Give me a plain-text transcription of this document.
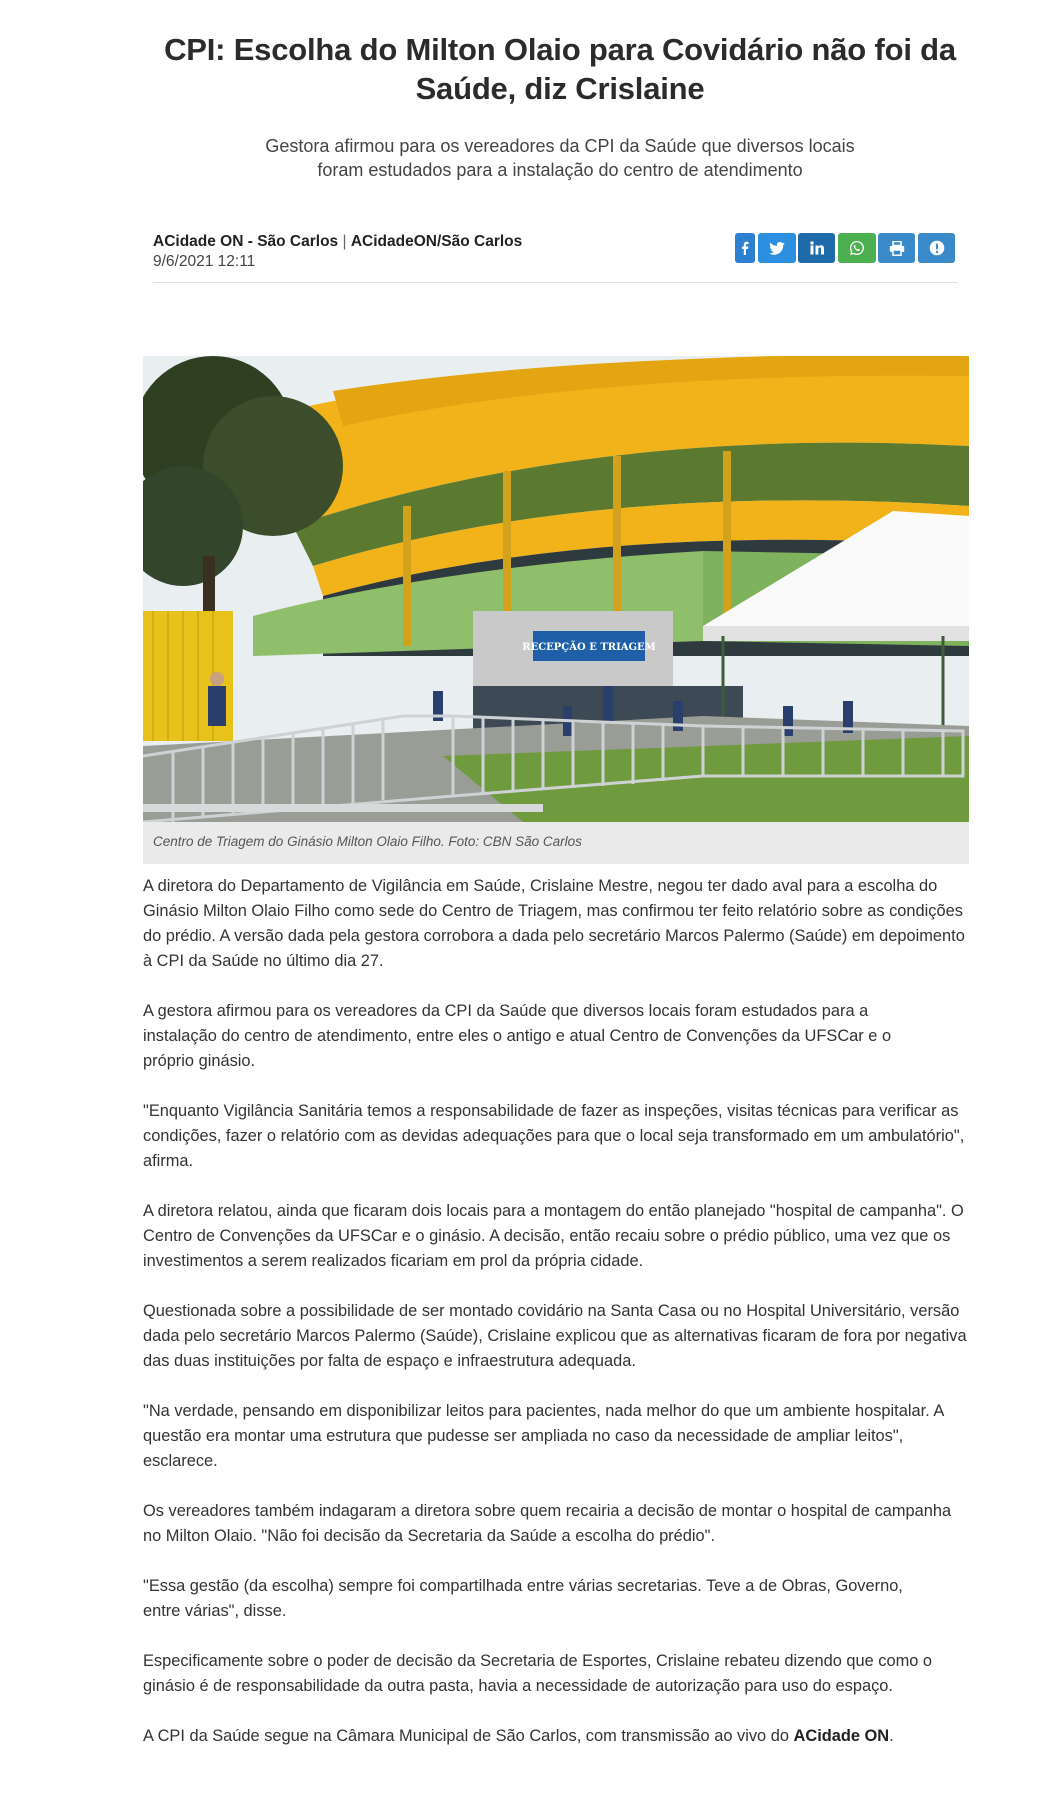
CPI: Escolha do Milton Olaio para Covidário não foi da Saúde, diz Crislaine
Gestora afirmou para os vereadores da CPI da Saúde que diversos locais foram estudados para a instalação do centro de atendimento
ACidade ON - São Carlos | ACidadeON/São Carlos
9/6/2021 12:11
RECEPÇÃO E TRIAGEM
Centro de Triagem do Ginásio Milton Olaio Filho. Foto: CBN São Carlos

A diretora do Departamento de Vigilância em Saúde, Crislaine Mestre, negou ter dado aval para a escolha do Ginásio Milton Olaio Filho como sede do Centro de Triagem, mas confirmou ter feito relatório sobre as condições do prédio. A versão dada pela gestora corrobora a dada pelo secretário Marcos Palermo (Saúde) em depoimento à CPI da Saúde no último dia 27.

A gestora afirmou para os vereadores da CPI da Saúde que diversos locais foram estudados para a instalação do centro de atendimento, entre eles o antigo e atual Centro de Convenções da UFSCar e o próprio ginásio.

"Enquanto Vigilância Sanitária temos a responsabilidade de fazer as inspeções, visitas técnicas para verificar as condições, fazer o relatório com as devidas adequações para que o local seja transformado em um ambulatório", afirma.

A diretora relatou, ainda que ficaram dois locais para a montagem do então planejado "hospital de campanha". O Centro de Convenções da UFSCar e o ginásio. A decisão, então recaiu sobre o prédio público, uma vez que os investimentos a serem realizados ficariam em prol da própria cidade.

Questionada sobre a possibilidade de ser montado covidário na Santa Casa ou no Hospital Universitário, versão dada pelo secretário Marcos Palermo (Saúde), Crislaine explicou que as alternativas ficaram de fora por negativa das duas instituições por falta de espaço e infraestrutura adequada.

"Na verdade, pensando em disponibilizar leitos para pacientes, nada melhor do que um ambiente hospitalar. A questão era montar uma estrutura que pudesse ser ampliada no caso da necessidade de ampliar leitos", esclarece.

Os vereadores também indagaram a diretora sobre quem recairia a decisão de montar o hospital de campanha no Milton Olaio. "Não foi decisão da Secretaria da Saúde a escolha do prédio".

"Essa gestão (da escolha) sempre foi compartilhada entre várias secretarias. Teve a de Obras, Governo, entre várias", disse.

Especificamente sobre o poder de decisão da Secretaria de Esportes, Crislaine rebateu dizendo que como o ginásio é de responsabilidade da outra pasta, havia a necessidade de autorização para uso do espaço.

A CPI da Saúde segue na Câmara Municipal de São Carlos, com transmissão ao vivo do ACidade ON.
